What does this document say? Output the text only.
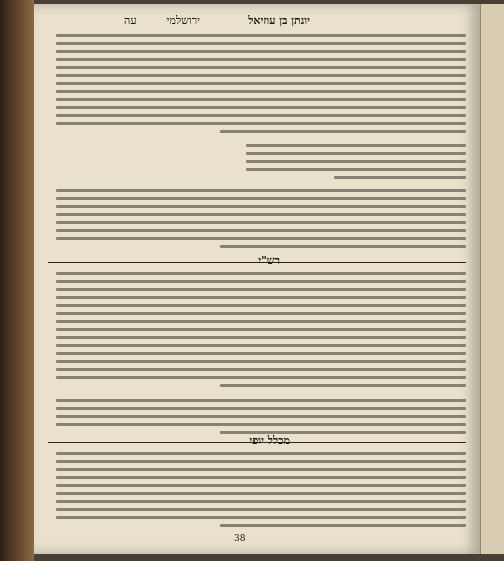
יונתן בן עוזיאל
ירושלמי
עה
רש"י
מכלל יופי
38
